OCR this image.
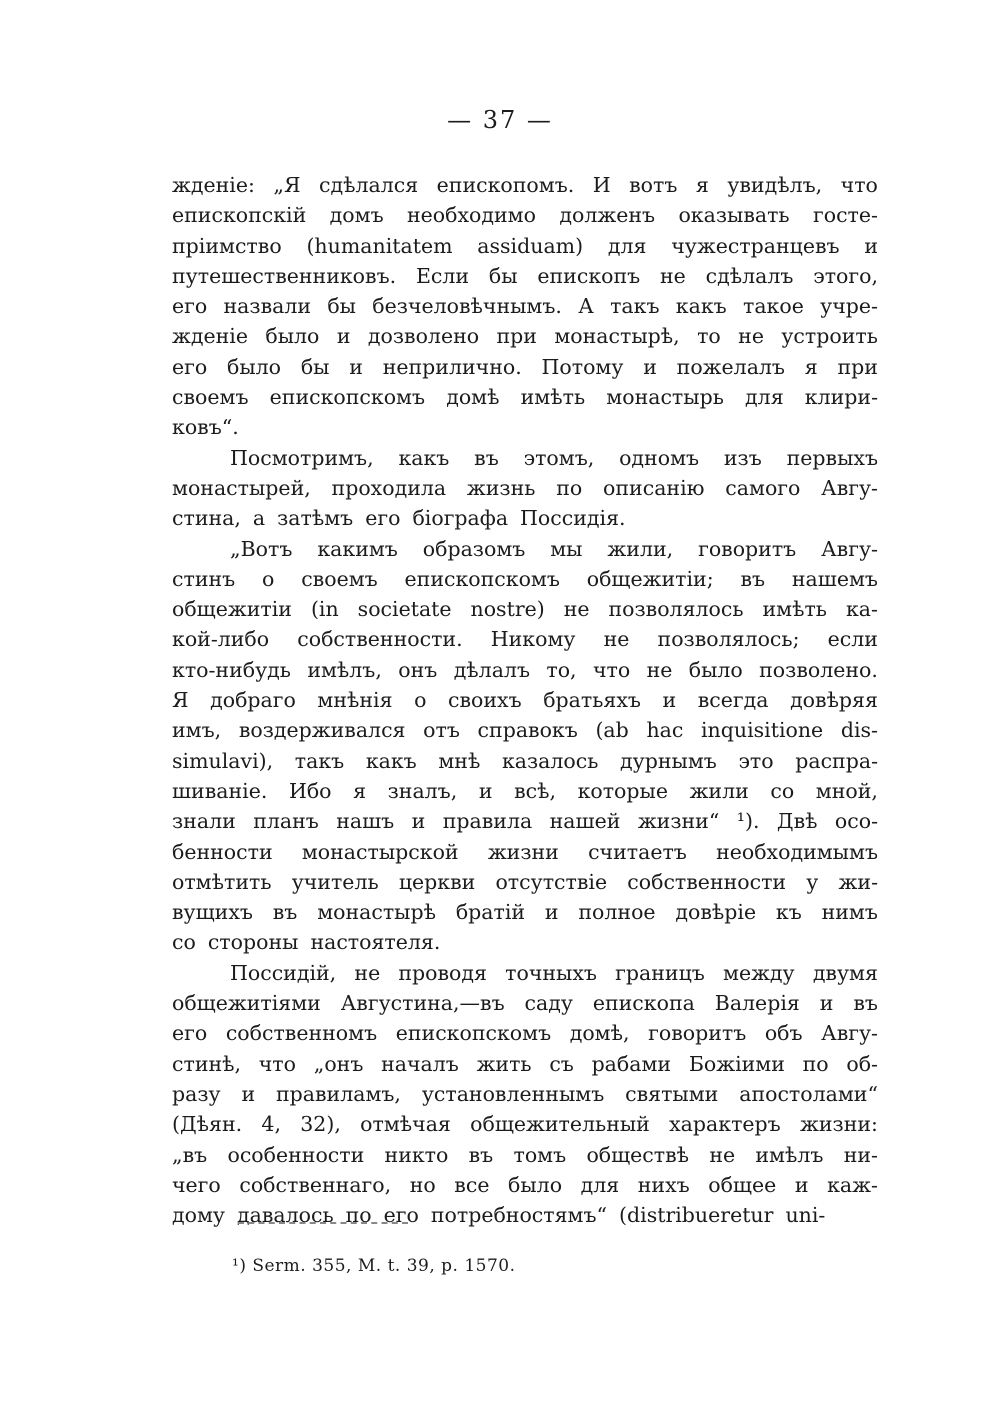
— 37 —
жденіе: „Я сдѣлался епископомъ. И вотъ я увидѣлъ, что
епископскій домъ необходимо долженъ оказывать госте-
пріимство (humanitatem assiduam) для чужестранцевъ и
путешественниковъ. Если бы епископъ не сдѣлалъ этого,
его назвали бы безчеловѣчнымъ. А такъ какъ такое учре-
жденіе было и дозволено при монастырѣ, то не устроить
его было бы и неприлично. Потому и пожелалъ я при
своемъ епископскомъ домѣ имѣть монастырь для клири-
ковъ“.
Посмотримъ, какъ въ этомъ, одномъ изъ первыхъ
монастырей, проходила жизнь по описанію самого Авгу-
стина, а затѣмъ его біографа Поссидія.
„Вотъ какимъ образомъ мы жили, говоритъ Авгу-
стинъ о своемъ епископскомъ общежитіи; въ нашемъ
общежитіи (in societate nostre) не позволялось имѣть ка-
кой-либо собственности. Никому не позволялось; если
кто-нибудь имѣлъ, онъ дѣлалъ то, что не было позволено.
Я добраго мнѣнія о своихъ братьяхъ и всегда довѣряя
имъ, воздерживался отъ справокъ (ab hac inquisitione dis-
simulavi), такъ какъ мнѣ казалось дурнымъ это распра-
шиваніе. Ибо я зналъ, и всѣ, которые жили со мной,
знали планъ нашъ и правила нашей жизни“ ¹). Двѣ осо-
бенности монастырской жизни считаетъ необходимымъ
отмѣтить учитель церкви отсутствіе собственности у жи-
вущихъ въ монастырѣ братій и полное довѣріе къ нимъ
со стороны настоятеля.
Поссидій, не проводя точныхъ границъ между двумя
общежитіями Августина,—въ саду епископа Валерія и въ
его собственномъ епископскомъ домѣ, говоритъ объ Авгу-
стинѣ, что „онъ началъ жить съ рабами Божіими по об-
разу и правиламъ, установленнымъ святыми апостолами“
(Дѣян. 4, 32), отмѣчая общежительный характеръ жизни:
„въ особенности никто въ томъ обществѣ не имѣлъ ни-
чего собственнаго, но все было для нихъ общее и каж-
дому давалось по его потребностямъ“ (distribueretur uni-
¹) Serm. 355, M. t. 39, p. 1570.
